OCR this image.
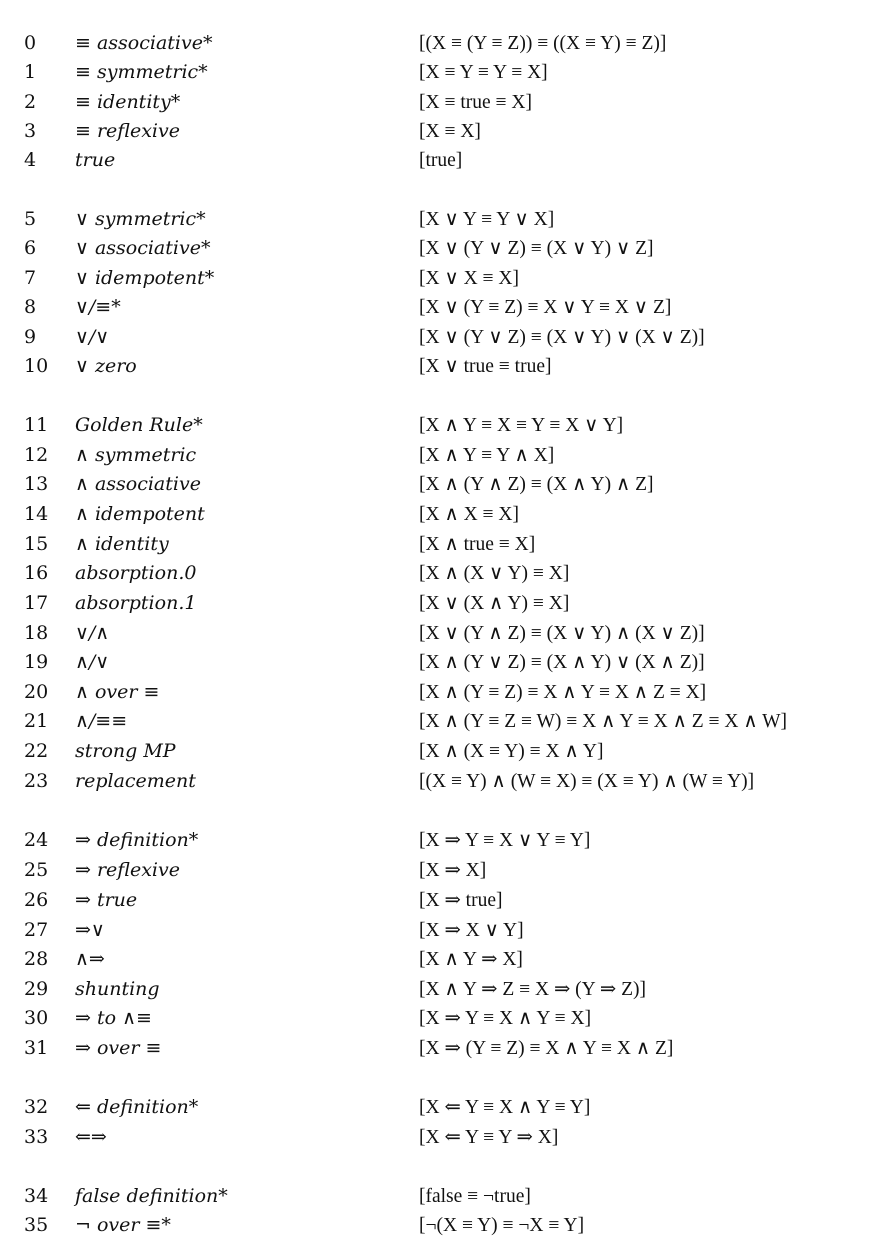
0	≡ associative*	[(X ≡ (Y ≡ Z)) ≡ ((X ≡ Y) ≡ Z)]
1	≡ symmetric*	[X ≡ Y ≡ Y ≡ X]
2	≡ identity*	[X ≡ true ≡ X]
3	≡ reflexive	[X ≡ X]
4	true	[true]
5	∨ symmetric*	[X ∨ Y ≡ Y ∨ X]
6	∨ associative*	[X ∨ (Y ∨ Z) ≡ (X ∨ Y) ∨ Z]
7	∨ idempotent*	[X ∨ X ≡ X]
8	∨/≡*	[X ∨ (Y ≡ Z) ≡ X ∨ Y ≡ X ∨ Z]
9	∨/∨	[X ∨ (Y ∨ Z) ≡ (X ∨ Y) ∨ (X ∨ Z)]
10	∨ zero	[X ∨ true ≡ true]
11	Golden Rule*	[X ∧ Y ≡ X ≡ Y ≡ X ∨ Y]
12	∧ symmetric	[X ∧ Y ≡ Y ∧ X]
13	∧ associative	[X ∧ (Y ∧ Z) ≡ (X ∧ Y) ∧ Z]
14	∧ idempotent	[X ∧ X ≡ X]
15	∧ identity	[X ∧ true ≡ X]
16	absorption.0	[X ∧ (X ∨ Y) ≡ X]
17	absorption.1	[X ∨ (X ∧ Y) ≡ X]
18	∨/∧	[X ∨ (Y ∧ Z) ≡ (X ∨ Y) ∧ (X ∨ Z)]
19	∧/∨	[X ∧ (Y ∨ Z) ≡ (X ∧ Y) ∨ (X ∧ Z)]
20	∧ over ≡	[X ∧ (Y ≡ Z) ≡ X ∧ Y ≡ X ∧ Z ≡ X]
21	∧/≡≡	[X ∧ (Y ≡ Z ≡ W) ≡ X ∧ Y ≡ X ∧ Z ≡ X ∧ W]
22	strong MP	[X ∧ (X ≡ Y) ≡ X ∧ Y]
23	replacement	[(X ≡ Y) ∧ (W ≡ X) ≡ (X ≡ Y) ∧ (W ≡ Y)]
24	⇒ definition*	[X ⇒ Y ≡ X ∨ Y ≡ Y]
25	⇒ reflexive	[X ⇒ X]
26	⇒ true	[X ⇒ true]
27	⇒∨	[X ⇒ X ∨ Y]
28	∧⇒	[X ∧ Y ⇒ X]
29	shunting	[X ∧ Y ⇒ Z ≡ X ⇒ (Y ⇒ Z)]
30	⇒ to ∧≡	[X ⇒ Y ≡ X ∧ Y ≡ X]
31	⇒ over ≡	[X ⇒ (Y ≡ Z) ≡ X ∧ Y ≡ X ∧ Z]
32	⇐ definition*	[X ⇐ Y ≡ X ∧ Y ≡ Y]
33	⇐⇒	[X ⇐ Y ≡ Y ⇒ X]
34	false definition*	[false ≡ ¬true]
35	¬ over ≡*	[¬(X ≡ Y) ≡ ¬X ≡ Y]
